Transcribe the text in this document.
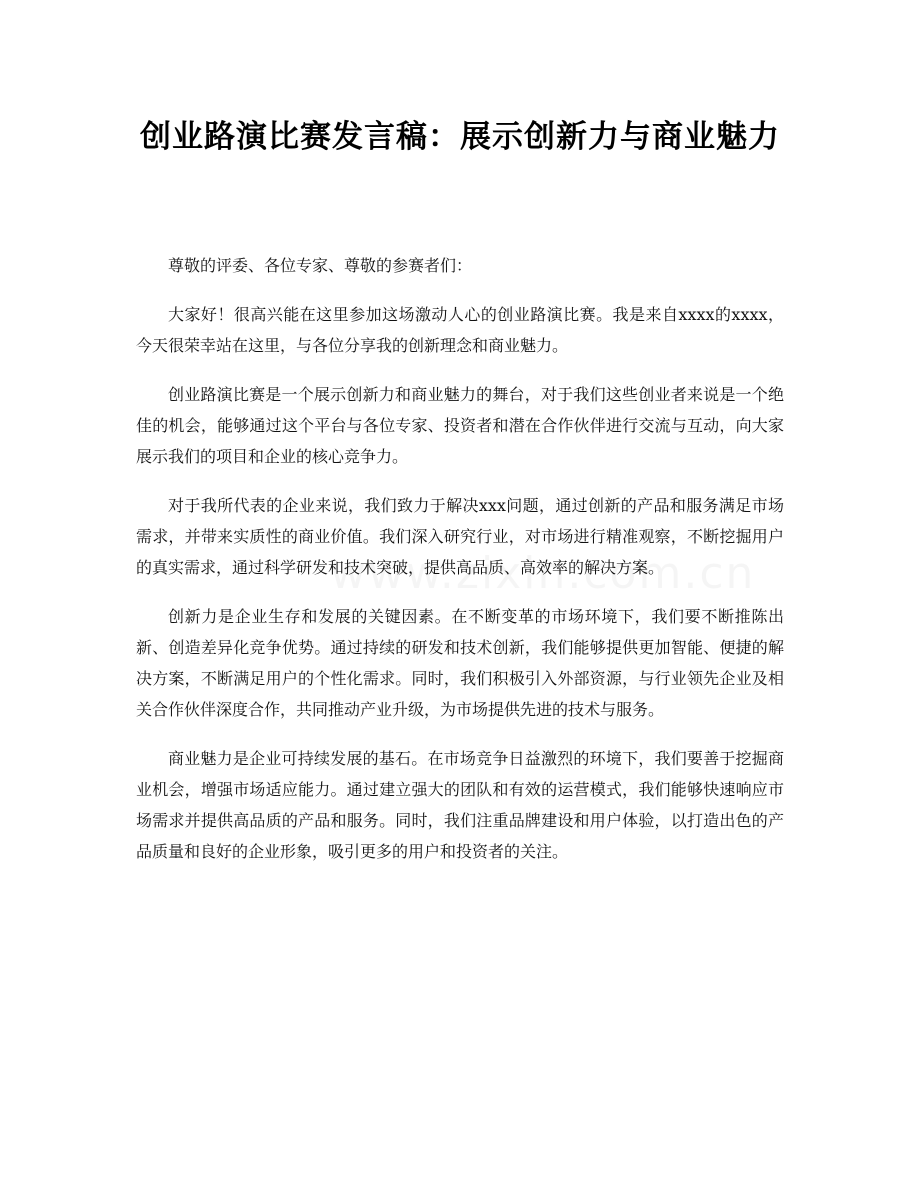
创业路演比赛发言稿：展示创新力与商业魅力

尊敬的评委、各位专家、尊敬的参赛者们：

大家好！很高兴能在这里参加这场激动人心的创业路演比赛。我是来自xxxx的xxxx，今天很荣幸站在这里，与各位分享我的创新理念和商业魅力。

创业路演比赛是一个展示创新力和商业魅力的舞台，对于我们这些创业者来说是一个绝佳的机会，能够通过这个平台与各位专家、投资者和潜在合作伙伴进行交流与互动，向大家展示我们的项目和企业的核心竞争力。

对于我所代表的企业来说，我们致力于解决xxx问题，通过创新的产品和服务满足市场需求，并带来实质性的商业价值。我们深入研究行业，对市场进行精准观察，不断挖掘用户的真实需求，通过科学研发和技术突破，提供高品质、高效率的解决方案。

创新力是企业生存和发展的关键因素。在不断变革的市场环境下，我们要不断推陈出新、创造差异化竞争优势。通过持续的研发和技术创新，我们能够提供更加智能、便捷的解决方案，不断满足用户的个性化需求。同时，我们积极引入外部资源，与行业领先企业及相关合作伙伴深度合作，共同推动产业升级，为市场提供先进的技术与服务。

商业魅力是企业可持续发展的基石。在市场竞争日益激烈的环境下，我们要善于挖掘商业机会，增强市场适应能力。通过建立强大的团队和有效的运营模式，我们能够快速响应市场需求并提供高品质的产品和服务。同时，我们注重品牌建设和用户体验，以打造出色的产品质量和良好的企业形象，吸引更多的用户和投资者的关注。
